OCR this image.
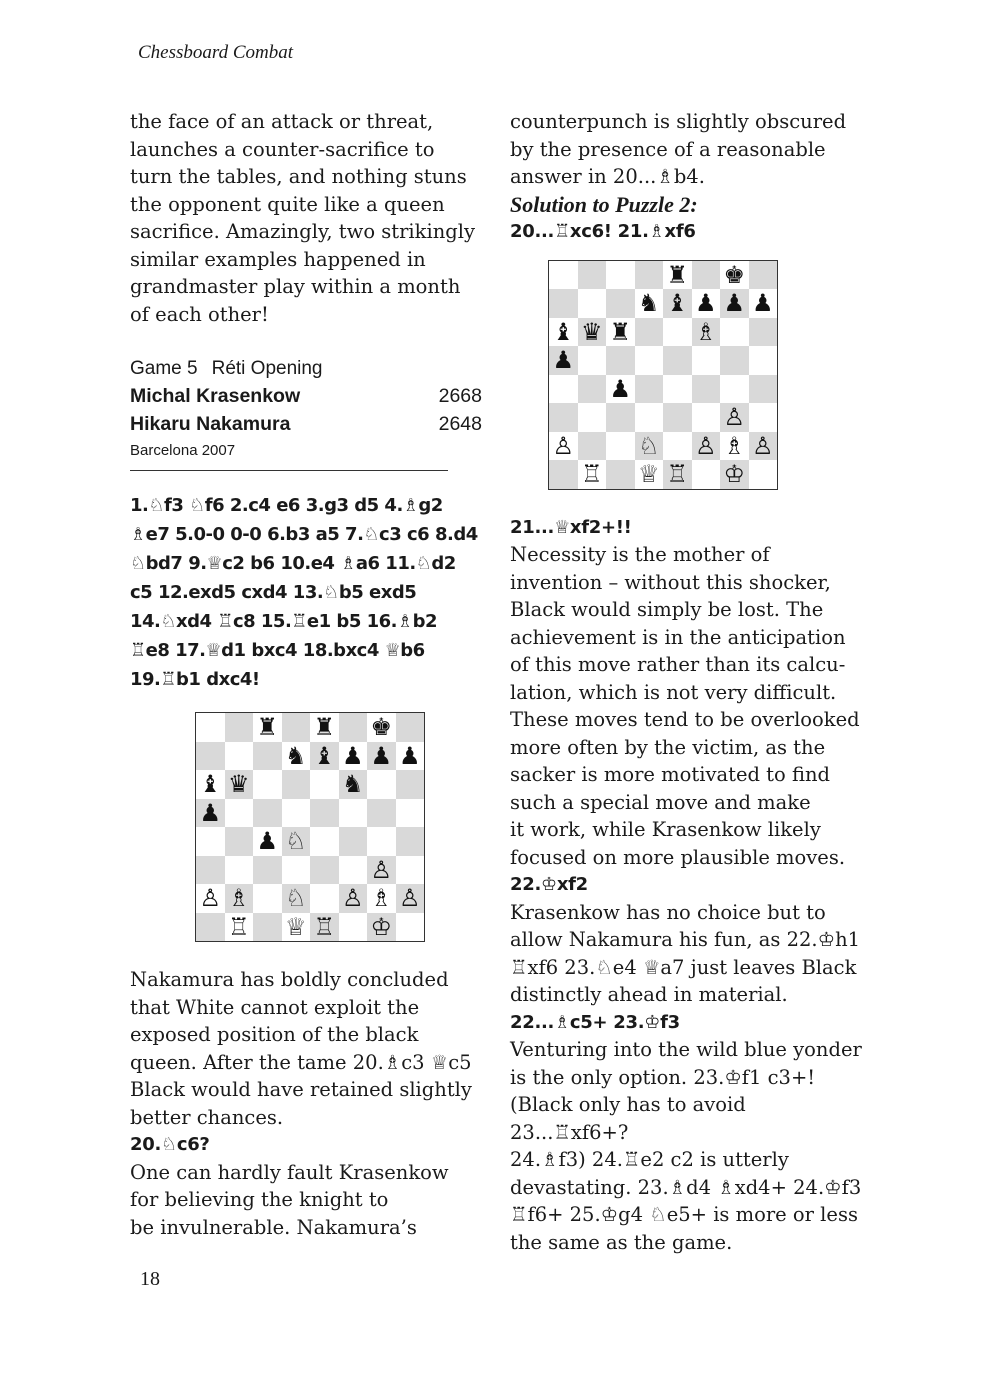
Chessboard Combat
the face of an attack or threat,
launches a counter-sacrifice to
turn the tables, and nothing stuns
the opponent quite like a queen
sacrifice. Amazingly, two strikingly
similar examples happened in
grandmaster play within a month
of each other!
Game 5 Réti Opening
Michal Krasenkow	2668
Hikaru Nakamura	2648
Barcelona 2007
1.♘f3 ♘f6 2.c4 e6 3.g3 d5 4.♗g2
♗e7 5.0-0 0-0 6.b3 a5 7.♘c3 c6 8.d4
♘bd7 9.♕c2 b6 10.e4 ♗a6 11.♘d2
c5 12.exd5 cxd4 13.♘b5 exd5
14.♘xd4 ♖c8 15.♖e1 b5 16.♗b2
♖e8 17.♕d1 bxc4 18.bxc4 ♕b6
19.♖b1 dxc4!
♜ ♜ ♚
♞ ♝ ♟ ♟ ♟
♝ ♛	♞
♟
♟ ♘
♙
♙ ♗ ♘ ♙ ♗ ♙
♖ ♕ ♖ ♔
Nakamura has boldly concluded
that White cannot exploit the
exposed position of the black
queen. After the tame 20.♗c3 ♕c5
Black would have retained slightly
better chances.
20.♘c6?
One can hardly fault Krasenkow
for believing the knight to
be invulnerable. Nakamura’s
counterpunch is slightly obscured
by the presence of a reasonable
answer in 20...♗b4.
Solution to Puzzle 2:
20...♖xc6! 21.♗xf6
♜ ♚
♞ ♝ ♟ ♟ ♟
♝ ♛ ♜	♗
♟
♟
♙
♙	♘ ♙ ♗ ♙
♖ ♕ ♖ ♔
21...♕xf2+!!
Necessity is the mother of
invention – without this shocker,
Black would simply be lost. The
achievement is in the anticipation
of this move rather than its calcu-
lation, which is not very difficult.
These moves tend to be overlooked
more often by the victim, as the
sacker is more motivated to find
such a special move and make
it work, while Krasenkow likely
focused on more plausible moves.
22.♔xf2
Krasenkow has no choice but to
allow Nakamura his fun, as 22.♔h1
♖xf6 23.♘e4 ♕a7 just leaves Black
distinctly ahead in material.
22...♗c5+ 23.♔f3
Venturing into the wild blue yonder
is the only option. 23.♔f1 c3+!
(Black only has to avoid 23...♖xf6+?
24.♗f3) 24.♖e2 c2 is utterly
devastating. 23.♗d4 ♗xd4+ 24.♔f3
♖f6+ 25.♔g4 ♘e5+ is more or less
the same as the game.
18
